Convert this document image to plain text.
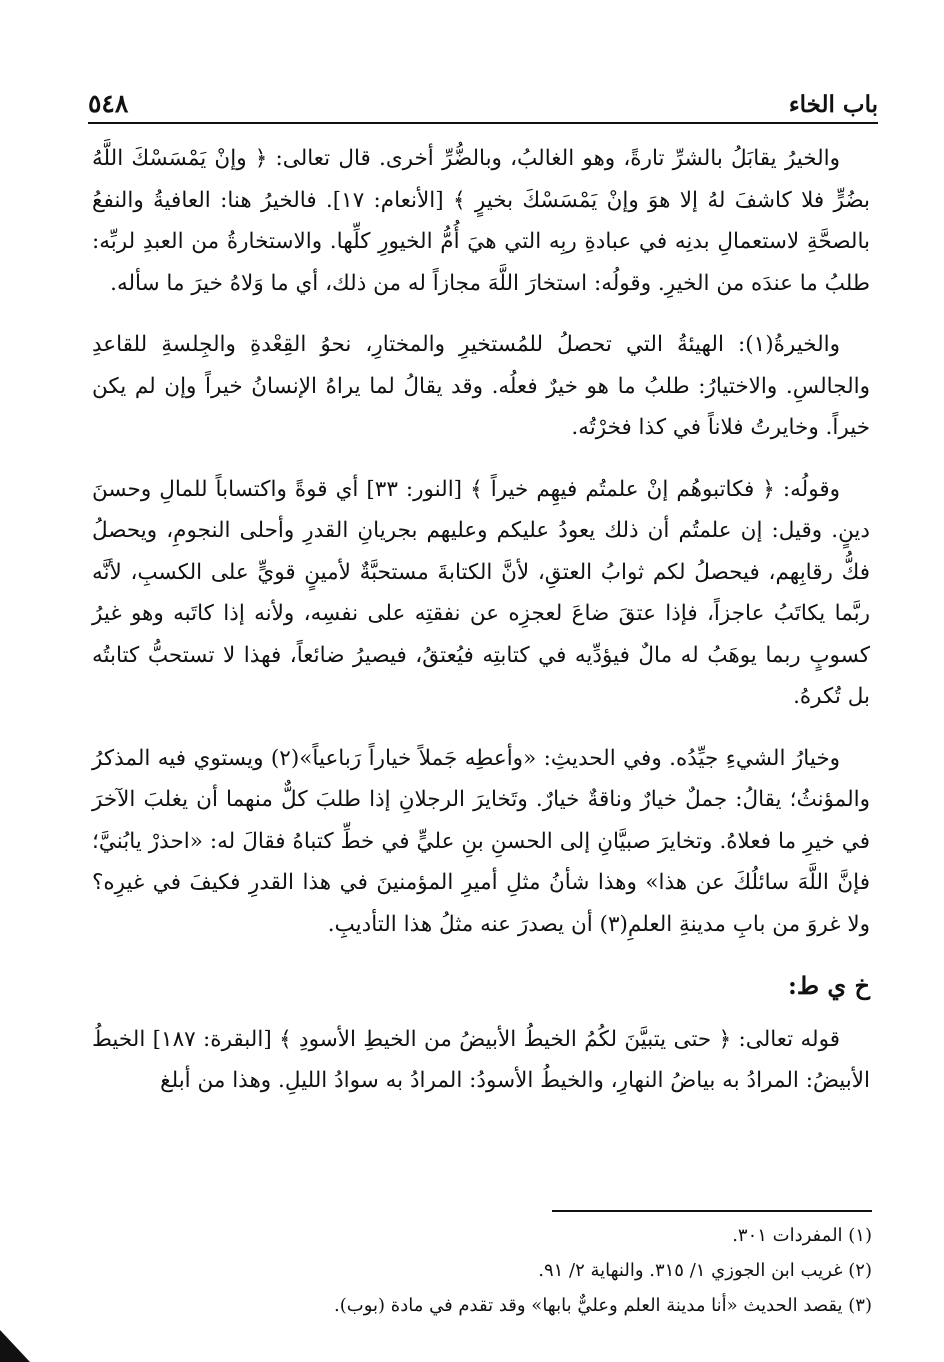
باب الخاء
٥٤٨

والخيرُ يقابَلُ بالشرِّ تارةً، وهو الغالبُ، وبالضُّرِّ أخرى. قال تعالى: ﴿ وإنْ يَمْسَسْكَ اللَّهُ بضُرٍّ فلا كاشفَ لهُ إلا هوَ وإنْ يَمْسَسْكَ بخيرٍ ﴾ [الأنعام: ١٧]. فالخيرُ هنا: العافيةُ والنفعُ بالصحَّةِ لاستعمالِ بدنِه في عبادةِ ربِه التي هيَ أُمُّ الخيورِ كلِّها. والاستخارةُ من العبدِ لربِّه: طلبُ ما عندَه من الخيرِ. وقولُه: استخارَ اللَّهَ مجازاً له من ذلك، أي ما وَلاهُ خيرَ ما سأله.

والخيرةُ(١): الهيئةُ التي تحصلُ للمُستخيرِ والمختارِ، نحوُ القِعْدةِ والجِلسةِ للقاعدِ والجالسِ. والاختيارُ: طلبُ ما هو خيرٌ فعلُه. وقد يقالُ لما يراهُ الإنسانُ خيراً وإن لم يكن خيراً. وخايرتُ فلاناً في كذا فخرْتُه.

وقولُه: ﴿ فكاتبوهُم إنْ علمتُم فيهِم خيراً ﴾ [النور: ٣٣] أي قوةً واكتساباً للمالِ وحسنَ دينٍ. وقيل: إن علمتُم أن ذلك يعودُ عليكم وعليهم بجريانِ القدرِ وأحلى النجومِ، ويحصلُ فكُّ رقابِهم، فيحصلُ لكم ثوابُ العتقِ، لأنَّ الكتابةَ مستحبَّةٌ لأمينٍ قويٍّ على الكسبِ، لأنَّه ربَّما يكاتَبُ عاجزاً، فإذا عتقَ ضاعَ لعجزِه عن نفقتِه على نفسِه، ولأنه إذا كاتَبه وهو غيرُ كسوبٍ ربما يوهَبُ له مالٌ فيؤدِّيه في كتابتِه فيُعتقُ، فيصيرُ ضائعاً، فهذا لا تستحبُّ كتابتُه بل تُكرهُ.

وخيارُ الشيءِ جيِّدُه. وفي الحديثِ: «وأعطِه جَملاً خياراً رَباعياً»(٢) ويستوي فيه المذكرُ والمؤنثُ؛ يقالُ: جملٌ خيارٌ وناقةٌ خيارٌ. وتَخايرَ الرجلانِ إذا طلبَ كلٌّ منهما أن يغلبَ الآخرَ في خيرِ ما فعلاهُ. وتخايرَ صبيَّانِ إلى الحسنِ بنِ عليٍّ في خطِّ كتباهُ فقالَ له: «احذرْ يابُنيَّ؛ فإنَّ اللَّهَ سائلُكَ عن هذا» وهذا شأنُ مثلِ أميرِ المؤمنينَ في هذا القدرِ فكيفَ في غيرِه؟ ولا غروَ من بابِ مدينةِ العلمِ(٣) أن يصدرَ عنه مثلُ هذا التأديبِ.

خ ي ط:

قوله تعالى: ﴿ حتى يتبيَّنَ لكُمُ الخيطُ الأبيضُ من الخيطِ الأسودِ ﴾ [البقرة: ١٨٧] الخيطُ الأبيضُ: المرادُ به بياضُ النهارِ، والخيطُ الأسودُ: المرادُ به سوادُ الليلِ. وهذا من أبلغ

(١) المفردات ٣٠١.

(٢) غريب ابن الجوزي ١/ ٣١٥. والنهاية ٢/ ٩١.

(٣) يقصد الحديث «أنا مدينة العلم وعليٌّ بابها» وقد تقدم في مادة (بوب).
